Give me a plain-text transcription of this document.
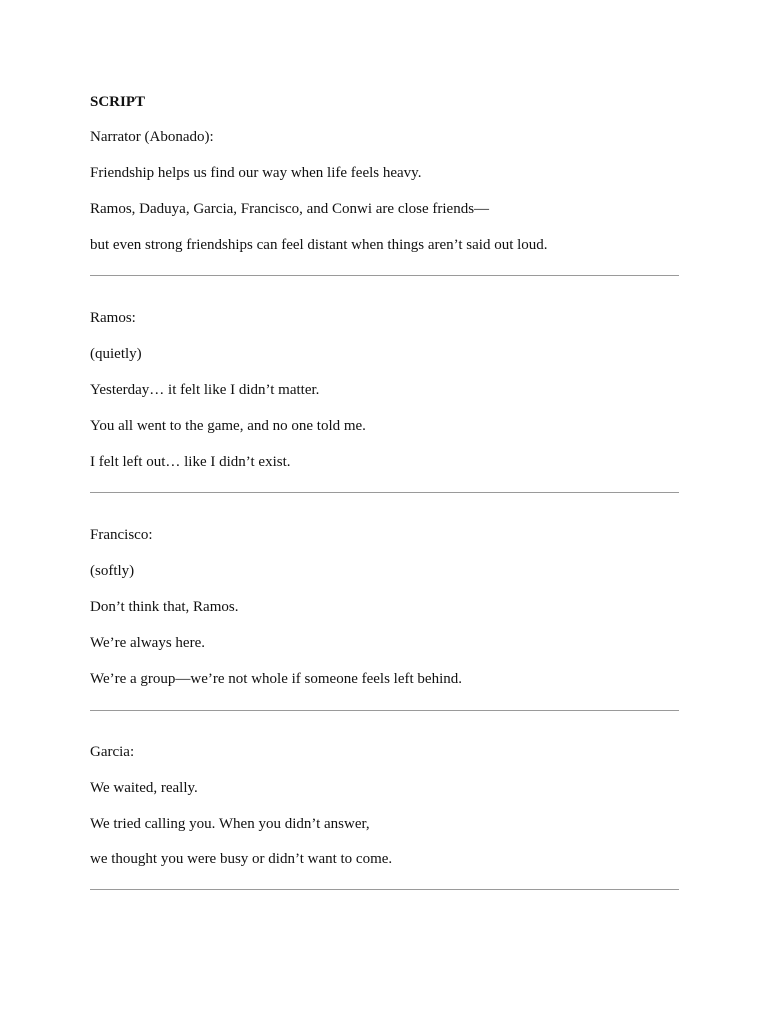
SCRIPT
Narrator (Abonado):
Friendship helps us find our way when life feels heavy.
Ramos, Daduya, Garcia, Francisco, and Conwi are close friends—
but even strong friendships can feel distant when things aren’t said out loud.
Ramos:
(quietly)
Yesterday… it felt like I didn’t matter.
You all went to the game, and no one told me.
I felt left out… like I didn’t exist.
Francisco:
(softly)
Don’t think that, Ramos.
We’re always here.
We’re a group—we’re not whole if someone feels left behind.
Garcia:
We waited, really.
We tried calling you. When you didn’t answer,
we thought you were busy or didn’t want to come.
